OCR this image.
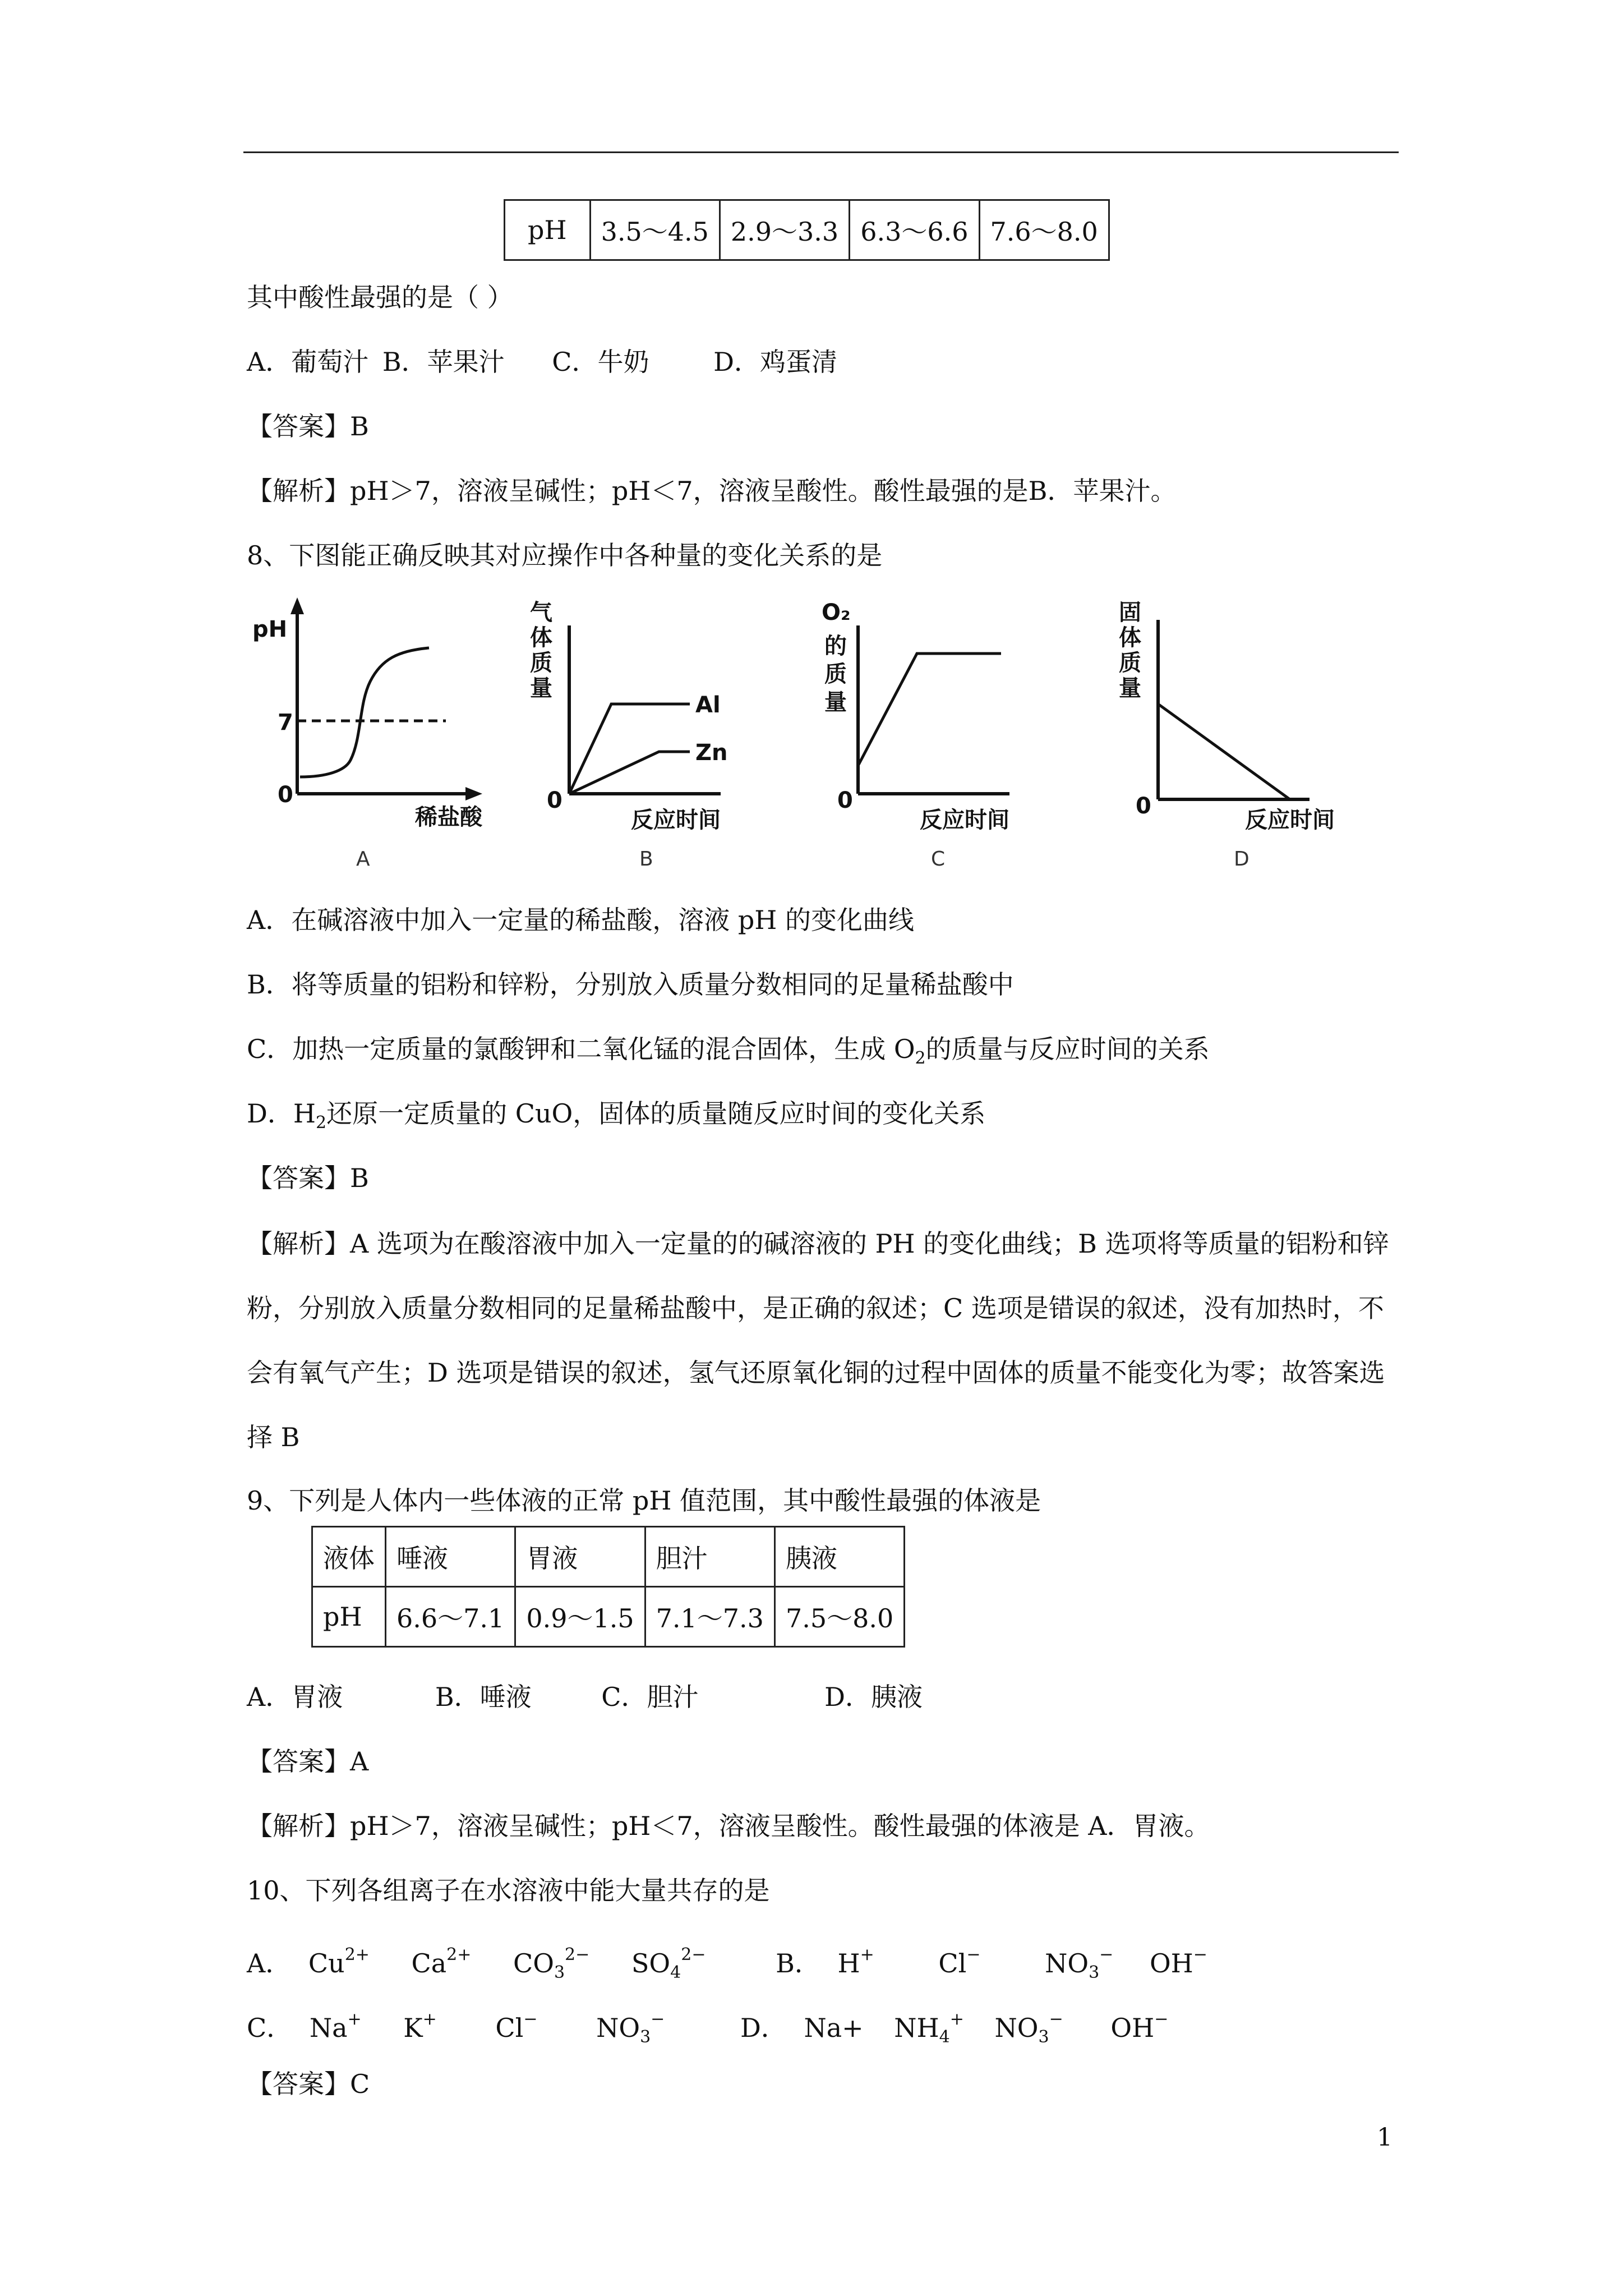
pH	3.5～4.5	2.9～3.3	6.3～6.6	7.6～8.0
其中酸性最强的是（ ）
A．葡萄汁 B．苹果汁 C．牛奶 D．鸡蛋清
【答案】B
【解析】pH＞7，溶液呈碱性；pH＜7，溶液呈酸性。酸性最强的是B．苹果汁。
8、下图能正确反映其对应操作中各种量的变化关系的是
pH
7
0
稀盐酸
A
气
体
质
量
Al
Zn
0
反应时间
B
O₂
的
质
量
0
反应时间
C
固
体
质
量
0
反应时间
D
A．在碱溶液中加入一定量的稀盐酸，溶液 pH 的变化曲线
B．将等质量的铝粉和锌粉，分别放入质量分数相同的足量稀盐酸中
C．加热一定质量的氯酸钾和二氧化锰的混合固体，生成 $O_2$的质量与反应时间的关系
D．$H_2$还原一定质量的 CuO，固体的质量随反应时间的变化关系
【答案】B
【解析】A 选项为在酸溶液中加入一定量的的碱溶液的 PH 的变化曲线；B 选项将等质量的铝粉和锌粉，分别放入质量分数相同的足量稀盐酸中，是正确的叙述；C 选项是错误的叙述，没有加热时，不会有氧气产生；D 选项是错误的叙述，氢气还原氧化铜的过程中固体的质量不能变化为零；故答案选择 B
9、下列是人体内一些体液的正常 pH 值范围，其中酸性最强的体液是
液体	唾液	胃液	胆汁	胰液
pH	6.6～7.1	0.9～1.5	7.1～7.3	7.5～8.0
A．胃液	B．唾液	C．胆汁	D．胰液
【答案】A
【解析】pH＞7，溶液呈碱性；pH＜7，溶液呈酸性。酸性最强的体液是 A．胃液。
10、下列各组离子在水溶液中能大量共存的是
A． $Cu^{2+}$ $Ca^{2+}$ $CO_3^{2-}$ $SO_4^{2-}$	B． H+ Cl− $NO_3^-$ OH−
C． Na+ K+ Cl− $NO_3^-$	D． $Na+ NH_4^+$ $NO_3^-$ OH−
【答案】C
1
